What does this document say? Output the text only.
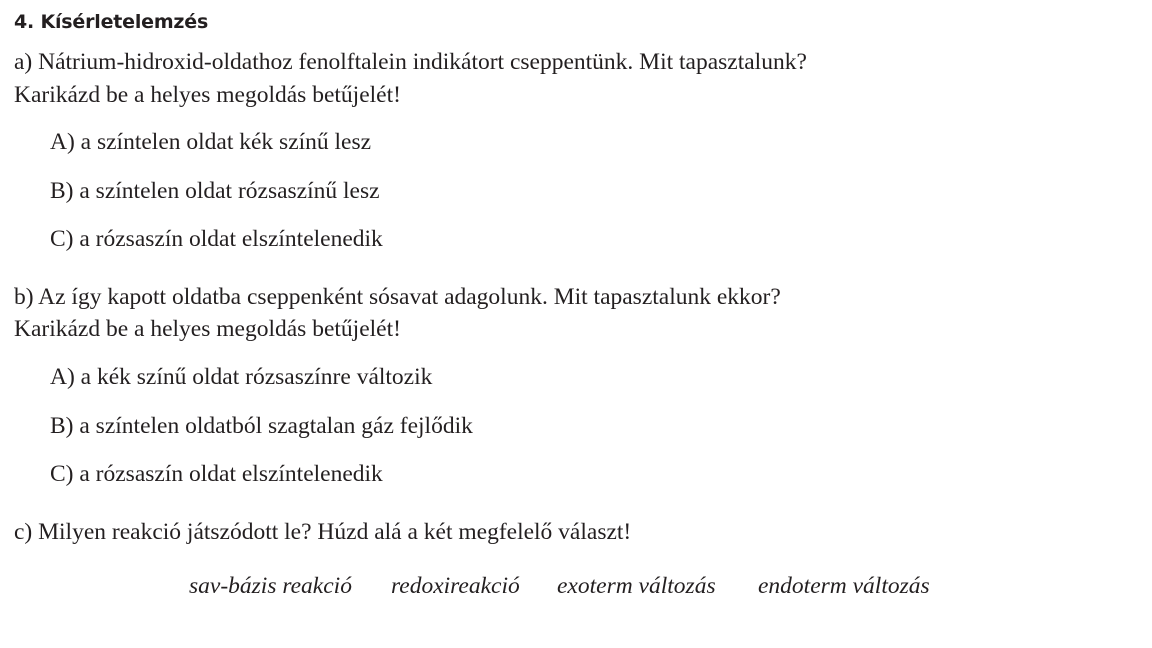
4. Kísérletelemzés
a) Nátrium-hidroxid-oldathoz fenolftalein indikátort cseppentünk. Mit tapasztalunk?
Karikázd be a helyes megoldás betűjelét!
A) a színtelen oldat kék színű lesz
B) a színtelen oldat rózsaszínű lesz
C) a rózsaszín oldat elszíntelenedik
b) Az így kapott oldatba cseppenként sósavat adagolunk. Mit tapasztalunk ekkor?
Karikázd be a helyes megoldás betűjelét!
A) a kék színű oldat rózsaszínre változik
B) a színtelen oldatból szagtalan gáz fejlődik
C) a rózsaszín oldat elszíntelenedik
c) Milyen reakció játszódott le? Húzd alá a két megfelelő választ!
sav-bázis reakció redoxireakció exoterm változás endoterm változás
